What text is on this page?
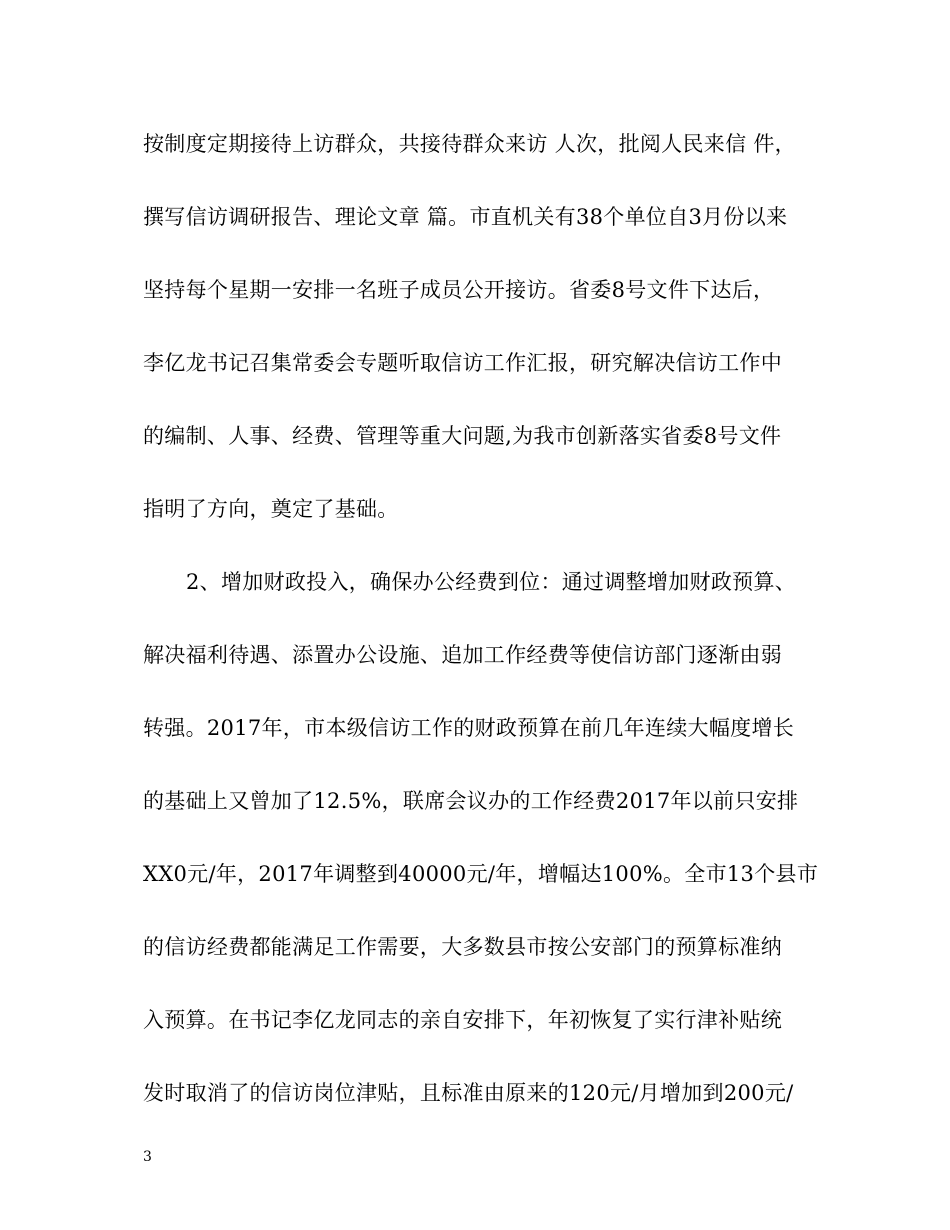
按制度定期接待上访群众，共接待群众来访 人次，批阅人民来信 件，
撰写信访调研报告、理论文章 篇。市直机关有38个单位自3月份以来
坚持每个星期一安排一名班子成员公开接访。省委8号文件下达后，
李亿龙书记召集常委会专题听取信访工作汇报，研究解决信访工作中
的编制、人事、经费、管理等重大问题,为我市创新落实省委8号文件
指明了方向，奠定了基础。
2、增加财政投入，确保办公经费到位：通过调整增加财政预算、
解决福利待遇、添置办公设施、追加工作经费等使信访部门逐渐由弱
转强。2017年，市本级信访工作的财政预算在前几年连续大幅度增长
的基础上又曾加了12.5%，联席会议办的工作经费2017年以前只安排
XX0元/年，2017年调整到40000元/年，增幅达100%。全市13个县市
的信访经费都能满足工作需要，大多数县市按公安部门的预算标准纳
入预算。在书记李亿龙同志的亲自安排下，年初恢复了实行津补贴统
发时取消了的信访岗位津贴，且标准由原来的120元/月增加到200元/
3
